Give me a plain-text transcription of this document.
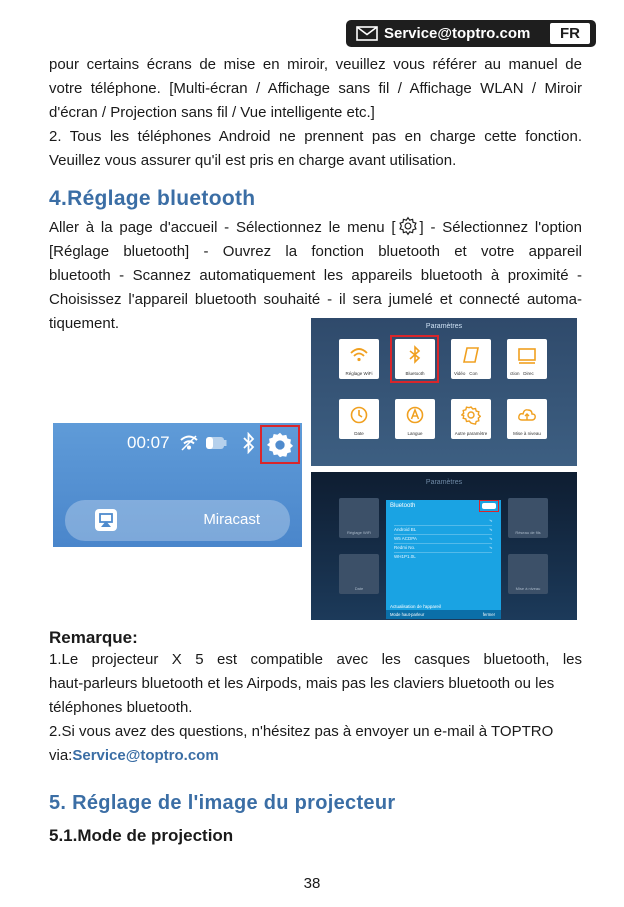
Service@toptro.com	FR
pour certains écrans de mise en miroir, veuillez vous référer au manuel de
votre téléphone. [Multi-écran / Affichage sans fil / Affichage WLAN / Miroir
d'écran / Projection sans fil / Vue intelligente etc.]
2. Tous les téléphones Android ne prennent pas en charge cette fonction.
Veuillez vous assurer qu'il est pris en charge avant utilisation.
4.Réglage bluetooth
Aller à la page d'accueil - Sélectionnez le menu [ ] - Sélectionnez l'option
[Réglage bluetooth] - Ouvrez la fonction bluetooth et votre appareil
bluetooth - Scannez automatiquement les appareils bluetooth à proximité -
Choisissez l'appareil bluetooth souhaité - il sera jumelé et connecté automa-
tiquement.
00:07
Miracast
Paramètres
Réglage WiFi	Bluetooth	Vidéo Con	ction Direc
Date	Langue	Autre paramètre	Mise à niveau
Paramètres
Réglage WiFi
Date
Réseau de fils
Mise à niveau
Bluetooth
Android BL
⤷
W5 ACDPA
⤷
Redmi No.
⤷
WH1P1.0L
⤷
Actualisation de l'appareil
Mode haut-parleur	fermer
Remarque:
1.Le projecteur X 5 est compatible avec les casques bluetooth, les
haut-parleurs bluetooth et les Airpods, mais pas les claviers bluetooth ou les
téléphones bluetooth.
2.Si vous avez des questions, n'hésitez pas à envoyer un e-mail à TOPTRO
via:Service@toptro.com
5. Réglage de l'image du projecteur
5.1.Mode de projection
38
